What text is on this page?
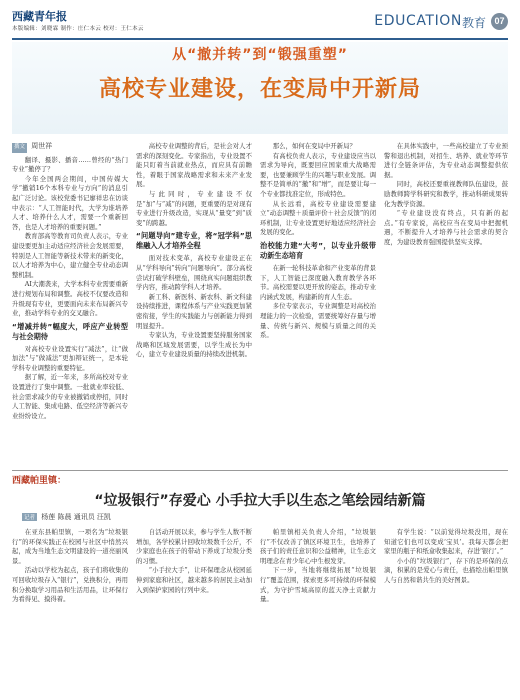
西藏青年报
本版编辑：刘晓霖 制作：庄仁本云 校对：王仁本云	EDUCATION 教育 07
从“撤并转”到“锻强重塑”
高校专业建设，在变局中开新局
撰文 周世祥

翻译、摄影、播音……曾经的“热门专业”撤停了？

今年全国两会期间，中国传媒大学“撤销16个本科专业与方向”的消息引起广泛讨论。该校党委书记廖祥忠在访谈中表示：“人工智能时代，大学为谁培养人才、培养什么人才，需要一个重新回答，也是人才培养的重要问题。”

教育部高等教育司负责人表示，专业建设要更加主动适应经济社会发展需要，特别是人工智能等新技术带来的新变化，以人才培养为中心，建立健全专业动态调整机制。

AI大潮袭来，大学本科专业需要重新进行规划布局和调整。高校不仅要改造和升级现有专业，更要面向未来布局新兴专业，推动学科专业的交叉融合。

“增减并转”幅度大，呼应产业转型与社会期待

对高校专业设置实行“减法”，让“做加法”与“做减法”更加辩证统一，是本轮学科专业调整的重要特征。

据了解，近一年来，多所高校对专业设置进行了集中调整。一批就业率较低、社会需求减少的专业被撤销或停招，同时人工智能、集成电路、低空经济等新兴专业纷纷设立。

高校专业调整的背后，是社会对人才需求的深刻变化。专家指出，专业设置不能只盯着当前就业热点，而应具有前瞻性，着眼于国家战略需求和未来产业发展。

与此同时，专业建设不仅是“加”与“减”的问题，更重要的是对现有专业进行升级改造，实现从“量变”到“质变”的跨越。

“问题导向”建专业，将“冠学科”思维融入人才培养全程

面对技术变革，高校专业建设正在从“学科导向”转向“问题导向”。部分高校尝试打破学科壁垒，围绕真实问题组织教学内容，推动跨学科人才培养。

新工科、新医科、新农科、新文科建设持续推进，课程体系与产业实践更加紧密衔接，学生的实践能力与创新能力得到明显提升。

专家认为，专业设置要坚持服务国家战略和区域发展需要，以学生成长为中心，建立专业建设质量的持续改进机制。

那么，如何在变局中开新局？

有高校负责人表示，专业建设应当以需求为导向，既要回应国家重大战略需要，也要兼顾学生的兴趣与职业发展。调整不是简单的“撤”和“增”，而是要让每一个专业都找准定位，形成特色。

从长远看，高校专业建设需要建立“动态调整＋质量评价＋社会反馈”的闭环机制，让专业设置更好地适应经济社会发展的变化。

治校能力建“大考”，以专业升级带动新生态培育

在新一轮科技革命和产业变革的背景下，人工智能已深度融入教育教学各环节。高校需要以更开放的姿态，推动专业内涵式发展，构建新的育人生态。

多位专家表示，专业调整是对高校治理能力的一次检验，需要统筹好存量与增量、传统与新兴、规模与质量之间的关系。

在具体实践中，一些高校建立了专业预警和退出机制，对招生、培养、就业等环节进行全链条评估，为专业动态调整提供依据。

同时，高校还要重视教师队伍建设，鼓励教师跨学科研究和教学，推动科研成果转化为教学资源。

“专业建设没有终点，只有新的起点。”有专家说，高校应当在变局中把握机遇，不断提升人才培养与社会需求的契合度，为建设教育强国提供坚实支撑。

西藏帕里镇：
“垃圾银行”存爱心 小手拉大手以生态之笔绘园结新篇
记者 杨莲 陈晨 通讯员 汪凯

在亚东县帕里镇，一项名为“垃圾银行”的环保实践正在校园与社区中悄然兴起，成为当地生态文明建设的一道亮丽风景。

活动以学校为起点，孩子们将收集的可回收垃圾存入“银行”，兑换积分，再用积分换取学习用品和生活用品，让环保行为看得见、摸得着。

自活动开展以来，参与学生人数不断增加，各学校累计回收垃圾数千公斤，不少家庭也在孩子的带动下养成了垃圾分类的习惯。

“小手拉大手”，让环保理念从校园延伸到家庭和社区，越来越多的居民主动加入到保护家园的行列中来。

帕里镇相关负责人介绍，“垃圾银行”不仅改善了镇区环境卫生，也培养了孩子们的责任意识和公益精神，让生态文明理念在青少年心中生根发芽。

下一步，当地将继续拓展“垃圾银行”覆盖范围，探索更多可持续的环保模式，为守护雪域高原的蓝天净土贡献力量。

有学生说：“以前觉得垃圾没用，现在知道它们也可以变成‘宝贝’。我每天都会把家里的瓶子和纸盒收集起来，存进‘银行’。”

小小的“垃圾银行”，存下的是环保的点滴，积累的是爱心与责任，也描绘出帕里镇人与自然和谐共生的美好图景。
